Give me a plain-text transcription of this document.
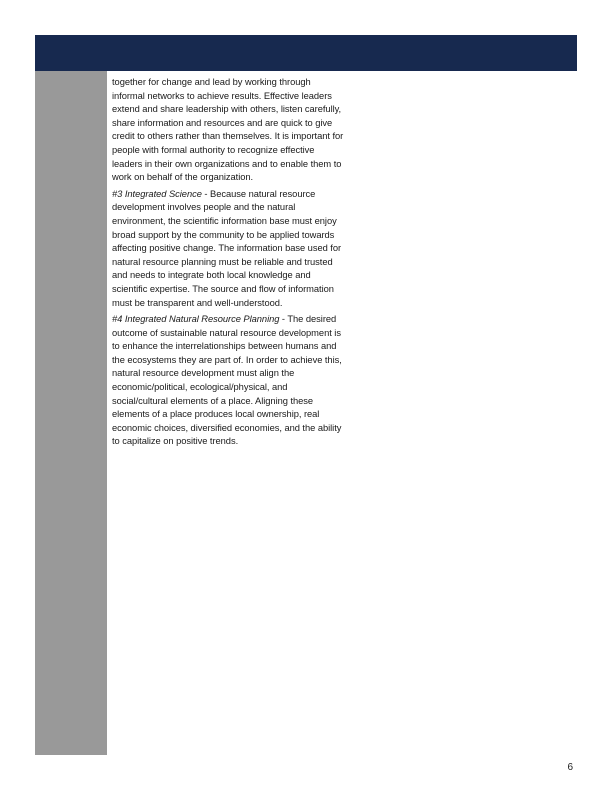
together for change and lead by working through informal networks to achieve results. Effective leaders extend and share leadership with others, listen carefully, share information and resources and are quick to give credit to others rather than themselves. It is important for people with formal authority to recognize effective leaders in their own organizations and to enable them to work on behalf of the organization.

#3 Integrated Science - Because natural resource development involves people and the natural environment, the scientific information base must enjoy broad support by the community to be applied towards affecting positive change. The information base used for natural resource planning must be reliable and trusted and needs to integrate both local knowledge and scientific expertise. The source and flow of information must be transparent and well-understood.

#4 Integrated Natural Resource Planning - The desired outcome of sustainable natural resource development is to enhance the interrelationships between humans and the ecosystems they are part of. In order to achieve this, natural resource development must align the economic/political, ecological/physical, and social/cultural elements of a place. Aligning these elements of a place produces local ownership, real economic choices, diversified economies, and the ability to capitalize on positive trends.

6
